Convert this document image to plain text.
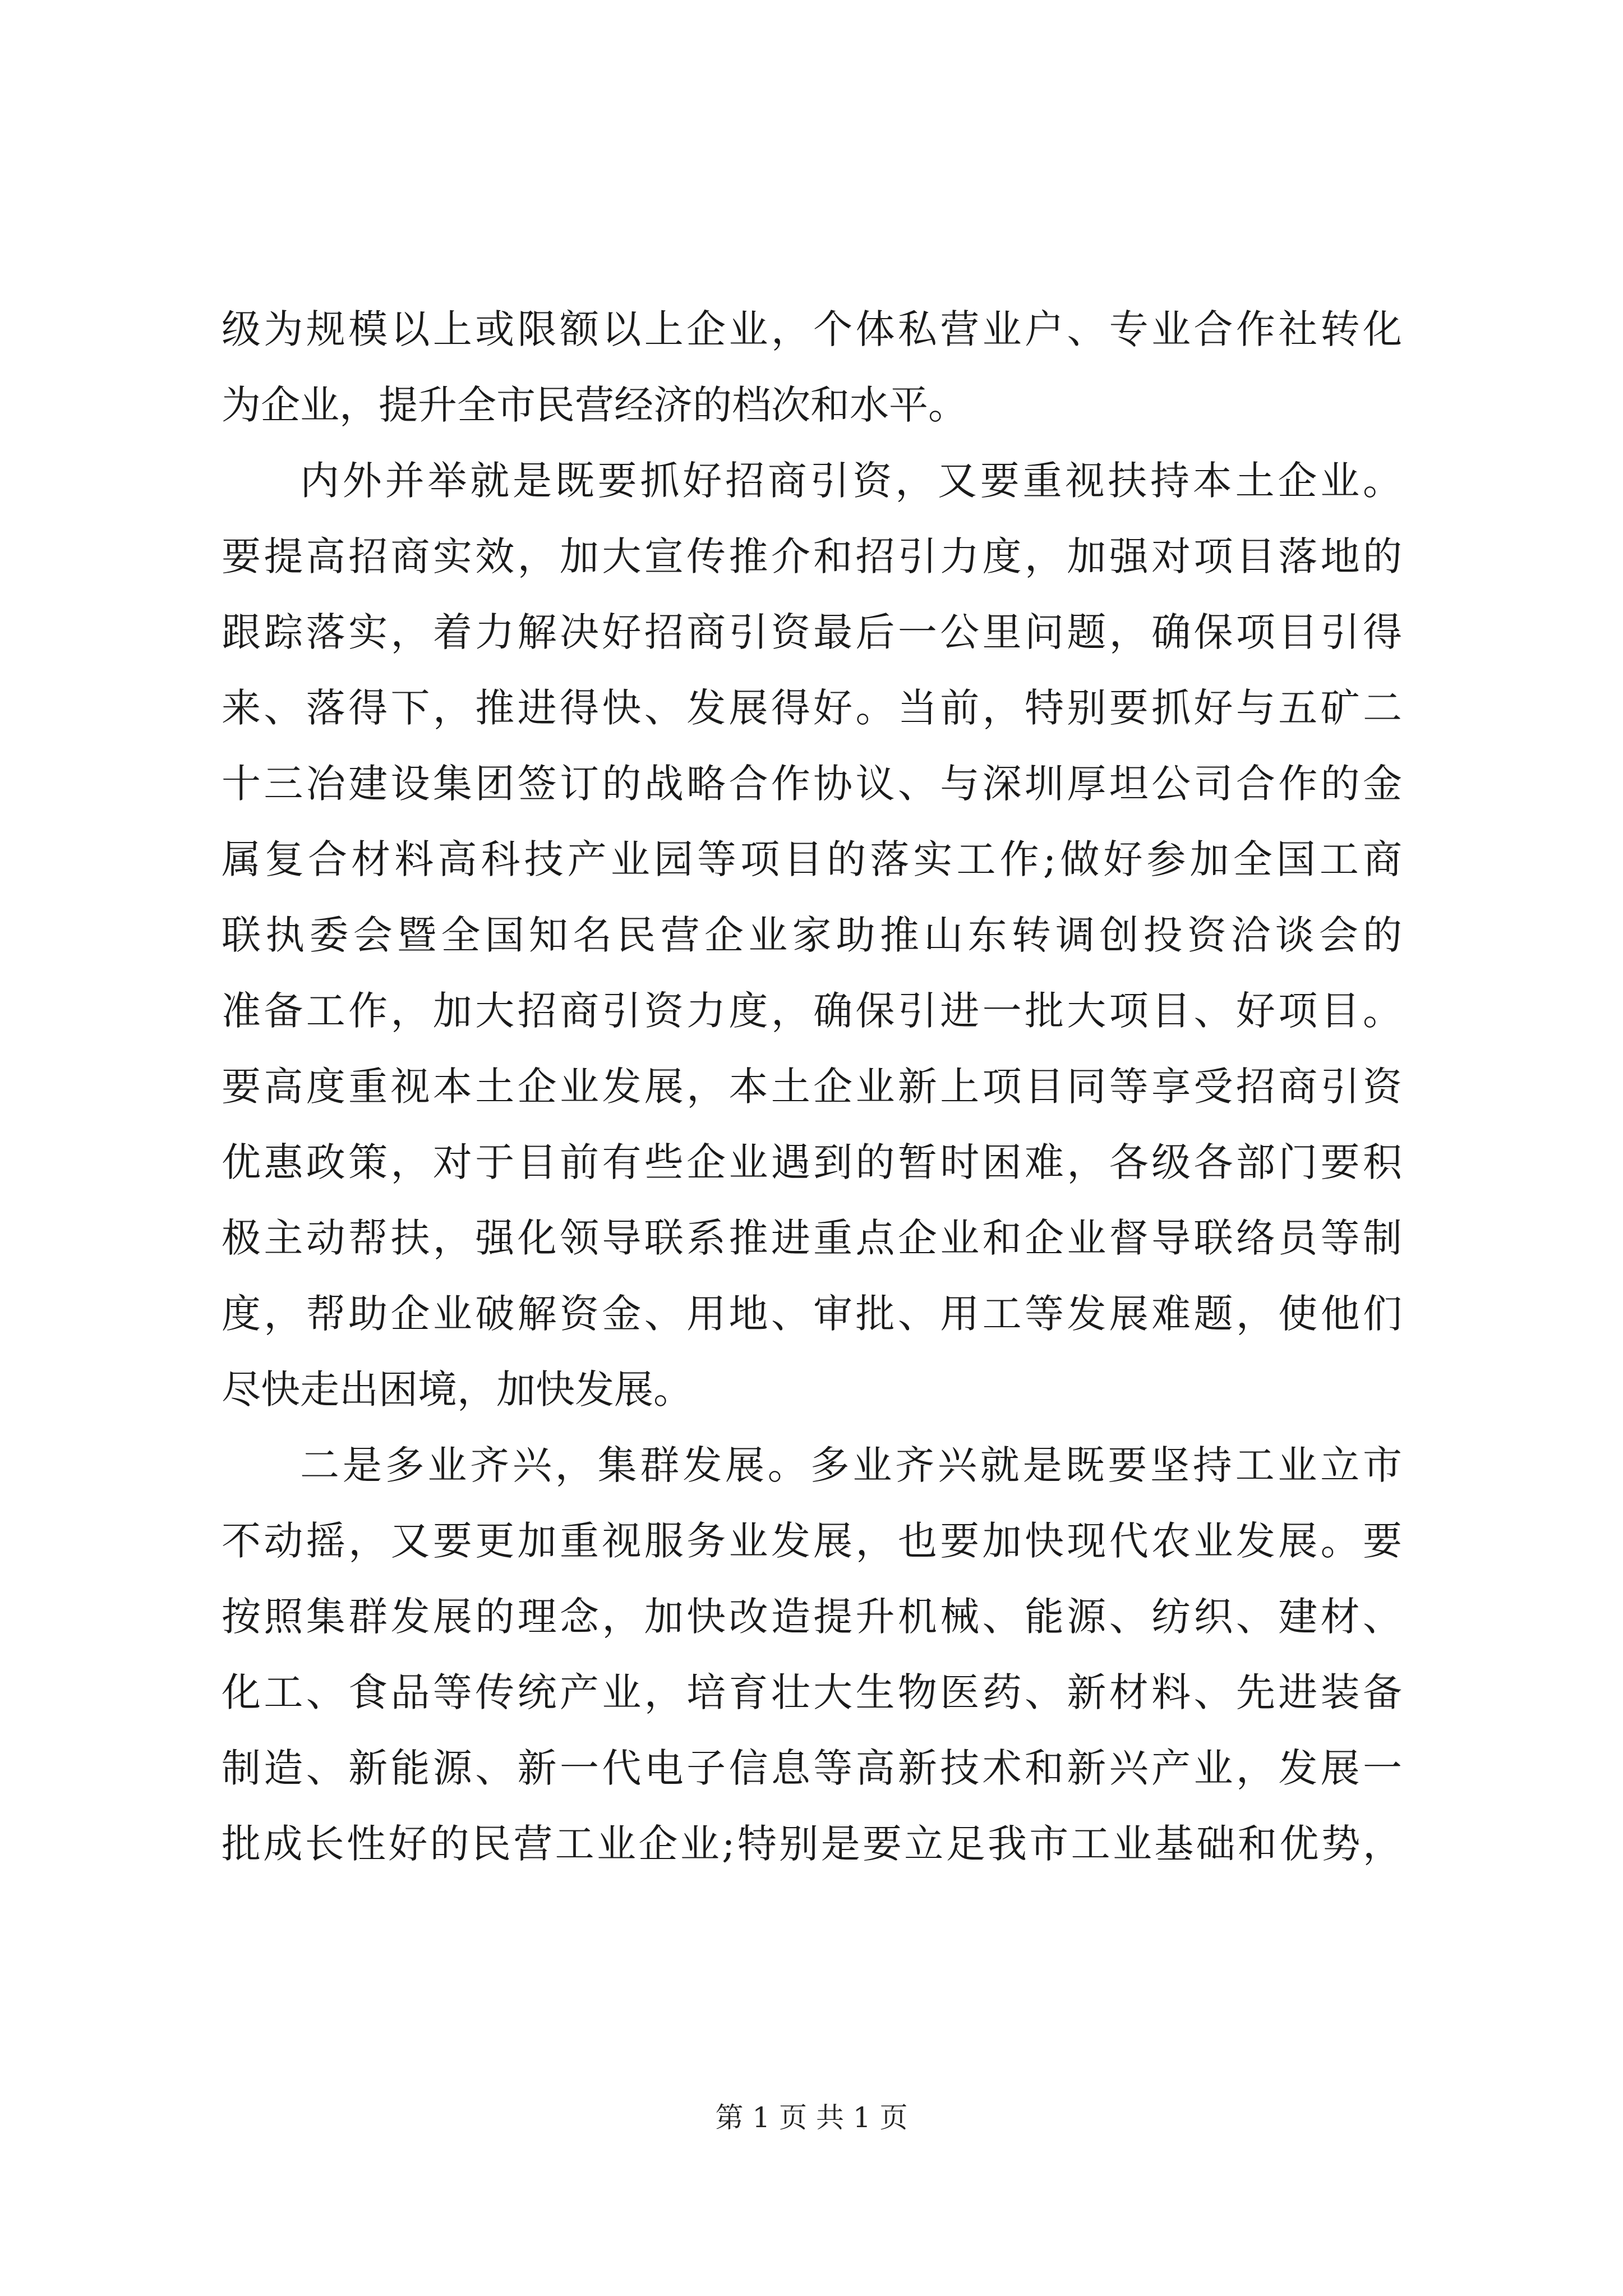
级为规模以上或限额以上企业，个体私营业户、专业合作社转化
为企业，提升全市民营经济的档次和水平。
内外并举就是既要抓好招商引资，又要重视扶持本土企业。
要提高招商实效，加大宣传推介和招引力度，加强对项目落地的
跟踪落实，着力解决好招商引资最后一公里问题，确保项目引得
来、落得下，推进得快、发展得好。当前，特别要抓好与五矿二
十三冶建设集团签订的战略合作协议、与深圳厚坦公司合作的金
属复合材料高科技产业园等项目的落实工作;做好参加全国工商
联执委会暨全国知名民营企业家助推山东转调创投资洽谈会的
准备工作，加大招商引资力度，确保引进一批大项目、好项目。
要高度重视本土企业发展，本土企业新上项目同等享受招商引资
优惠政策，对于目前有些企业遇到的暂时困难，各级各部门要积
极主动帮扶，强化领导联系推进重点企业和企业督导联络员等制
度，帮助企业破解资金、用地、审批、用工等发展难题，使他们
尽快走出困境，加快发展。
二是多业齐兴，集群发展。多业齐兴就是既要坚持工业立市
不动摇，又要更加重视服务业发展，也要加快现代农业发展。要
按照集群发展的理念，加快改造提升机械、能源、纺织、建材、
化工、食品等传统产业，培育壮大生物医药、新材料、先进装备
制造、新能源、新一代电子信息等高新技术和新兴产业，发展一
批成长性好的民营工业企业;特别是要立足我市工业基础和优势，
第 1 页 共 1 页
